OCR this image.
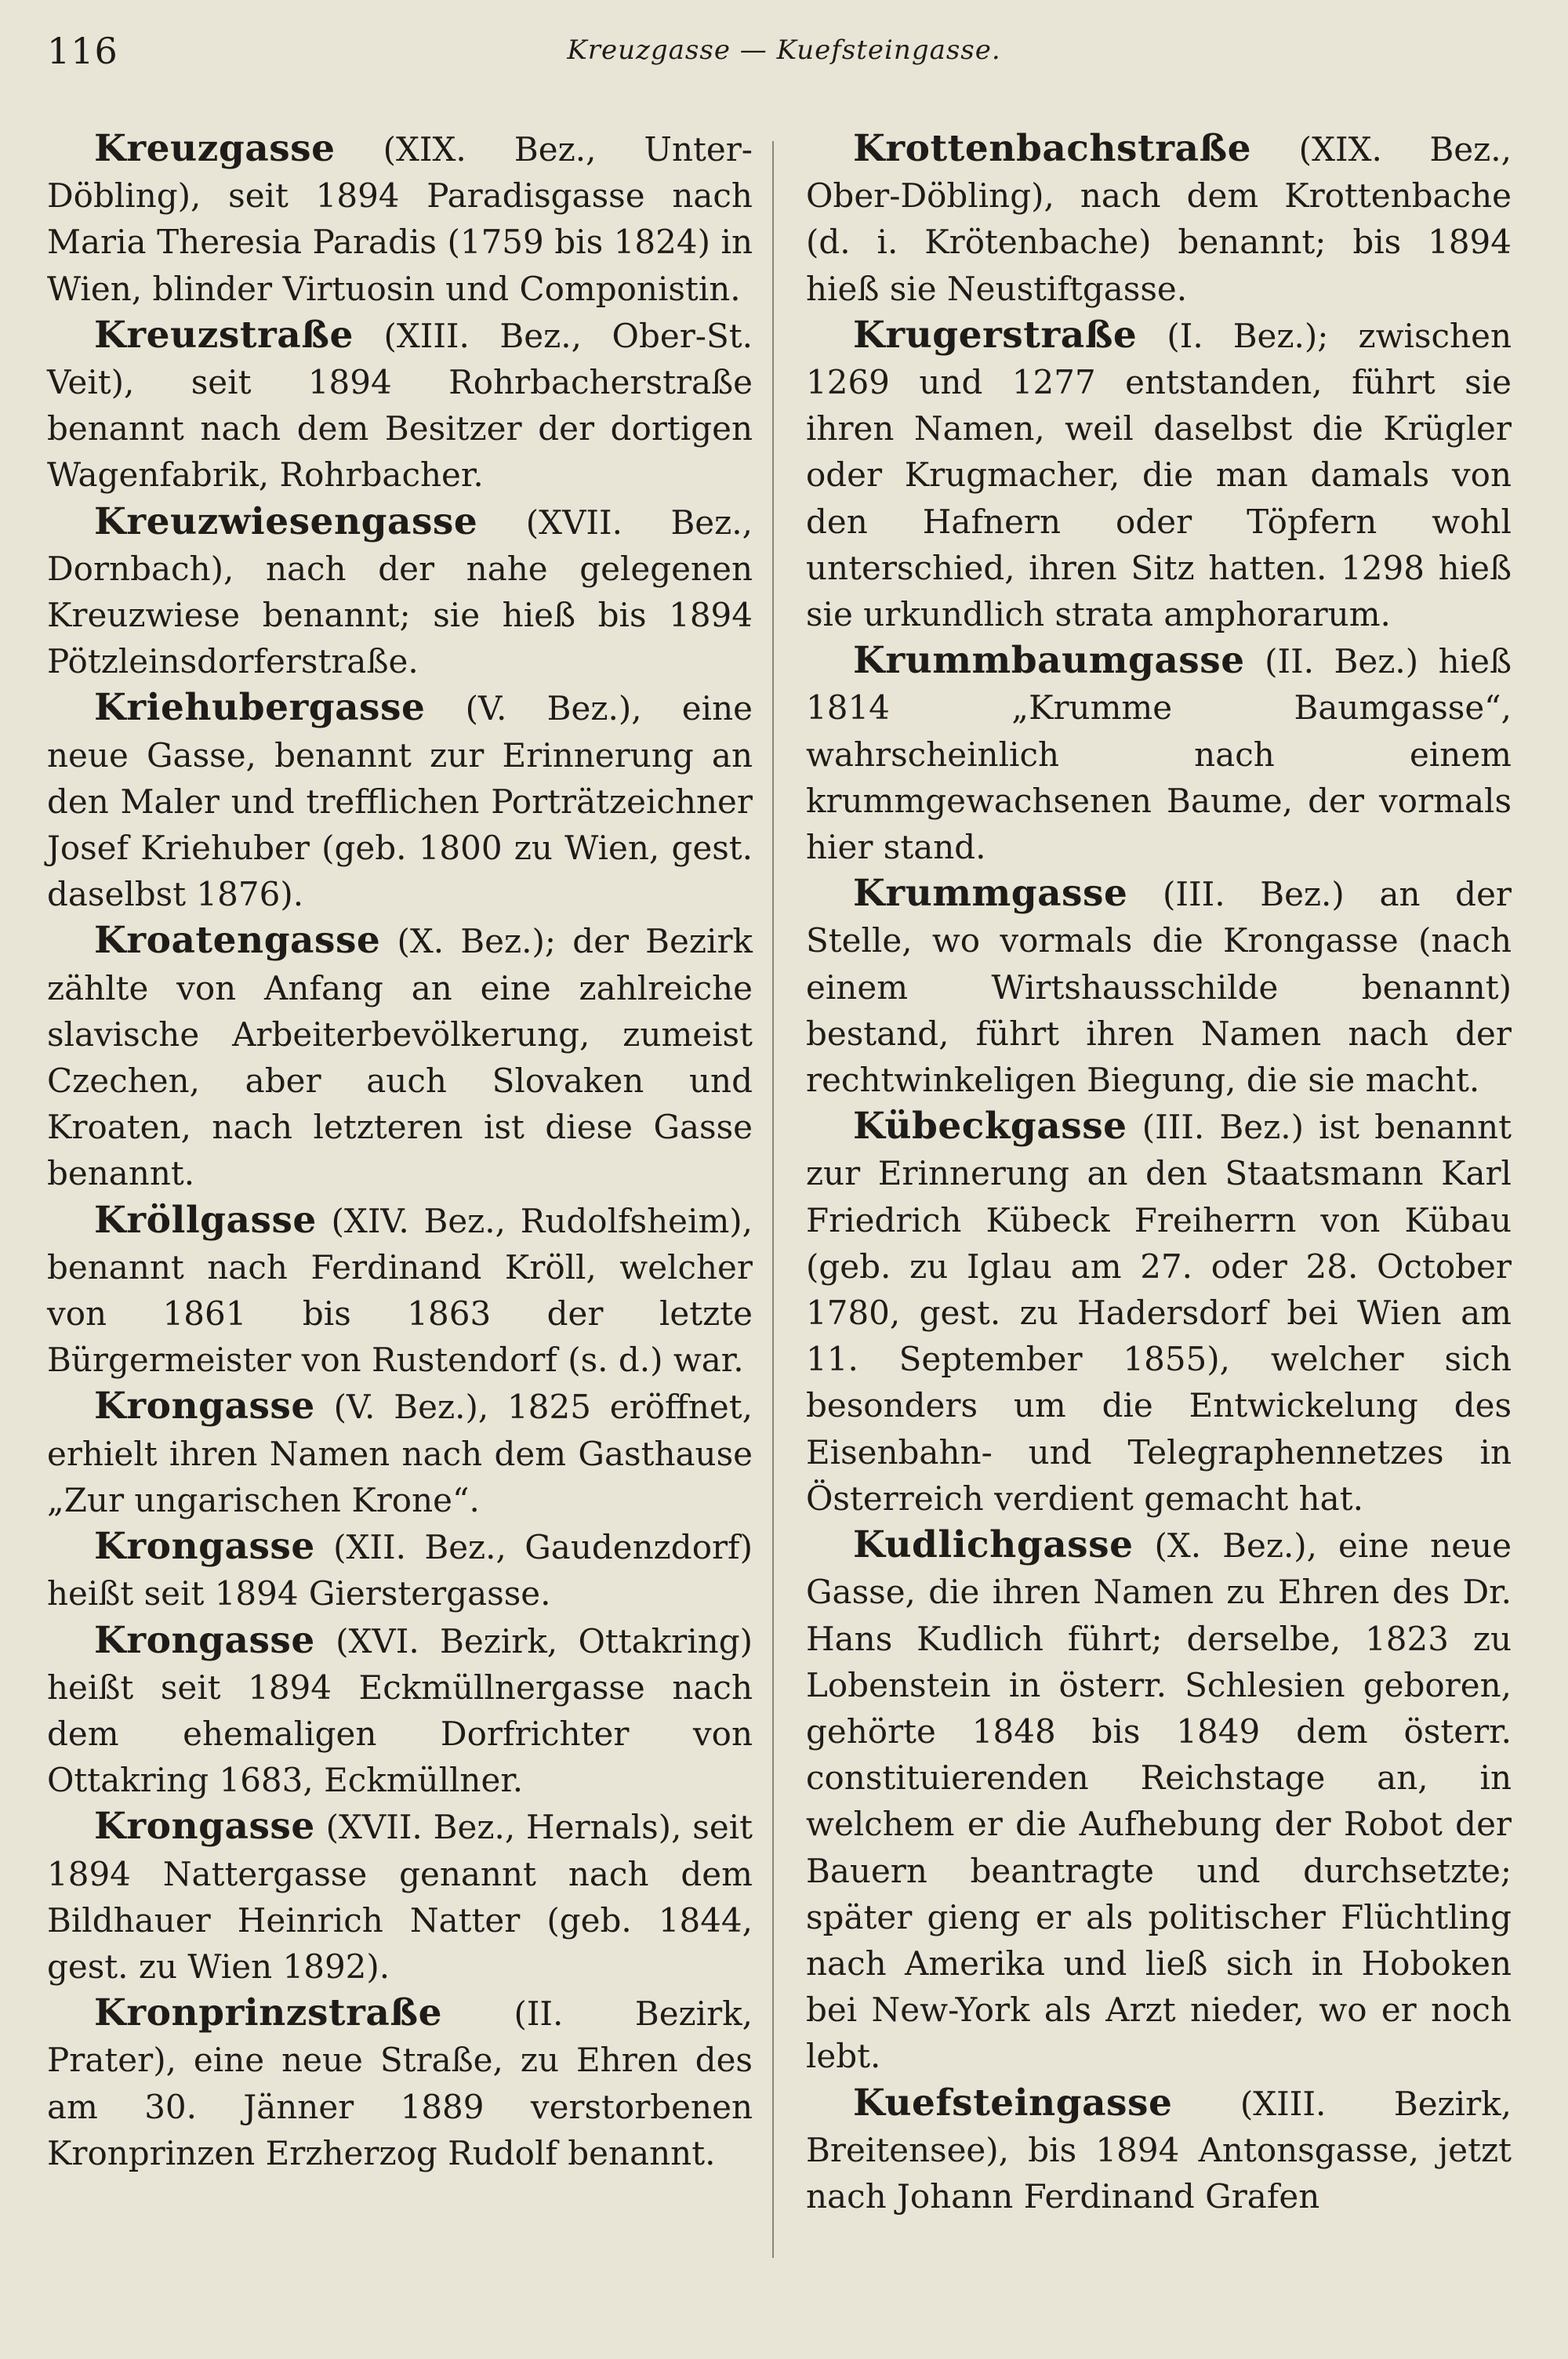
116	Kreuzgasse — Kuefsteingasse.

Kreuzgasse (XIX. Bez., Unter-Döbling), seit 1894 Paradisgasse nach Maria Theresia Paradis (1759 bis 1824) in Wien, blinder Virtuosin und Componistin.

Kreuzstraße (XIII. Bez., Ober-St. Veit), seit 1894 Rohrbacherstraße benannt nach dem Besitzer der dortigen Wagenfabrik, Rohrbacher.

Kreuzwiesengasse (XVII. Bez., Dornbach), nach der nahe gelegenen Kreuzwiese benannt; sie hieß bis 1894 Pötzleinsdorferstraße.

Kriehubergasse (V. Bez.), eine neue Gasse, benannt zur Erinnerung an den Maler und trefflichen Porträtzeichner Josef Kriehuber (geb. 1800 zu Wien, gest. daselbst 1876).

Kroatengasse (X. Bez.); der Bezirk zählte von Anfang an eine zahlreiche slavische Arbeiterbevölkerung, zumeist Czechen, aber auch Slovaken und Kroaten, nach letzteren ist diese Gasse benannt.

Kröllgasse (XIV. Bez., Rudolfsheim), benannt nach Ferdinand Kröll, welcher von 1861 bis 1863 der letzte Bürgermeister von Rustendorf (s. d.) war.

Krongasse (V. Bez.), 1825 eröffnet, erhielt ihren Namen nach dem Gasthause „Zur ungarischen Krone“.

Krongasse (XII. Bez., Gaudenzdorf) heißt seit 1894 Gierstergasse.

Krongasse (XVI. Bezirk, Ottakring) heißt seit 1894 Eckmüllnergasse nach dem ehemaligen Dorfrichter von Ottakring 1683, Eckmüllner.

Krongasse (XVII. Bez., Hernals), seit 1894 Nattergasse genannt nach dem Bildhauer Heinrich Natter (geb. 1844, gest. zu Wien 1892).

Kronprinzstraße (II. Bezirk, Prater), eine neue Straße, zu Ehren des am 30. Jänner 1889 verstorbenen Kronprinzen Erzherzog Rudolf benannt.

Krottenbachstraße (XIX. Bez., Ober-Döbling), nach dem Krottenbache (d. i. Krötenbache) benannt; bis 1894 hieß sie Neustiftgasse.

Krugerstraße (I. Bez.); zwischen 1269 und 1277 entstanden, führt sie ihren Namen, weil daselbst die Krügler oder Krugmacher, die man damals von den Hafnern oder Töpfern wohl unterschied, ihren Sitz hatten. 1298 hieß sie urkundlich strata amphorarum.

Krummbaumgasse (II. Bez.) hieß 1814 „Krumme Baumgasse“, wahrscheinlich nach einem krummgewachsenen Baume, der vormals hier stand.

Krummgasse (III. Bez.) an der Stelle, wo vormals die Krongasse (nach einem Wirtshausschilde benannt) bestand, führt ihren Namen nach der rechtwinkeligen Biegung, die sie macht.

Kübeckgasse (III. Bez.) ist benannt zur Erinnerung an den Staatsmann Karl Friedrich Kübeck Freiherrn von Kübau (geb. zu Iglau am 27. oder 28. October 1780, gest. zu Hadersdorf bei Wien am 11. September 1855), welcher sich besonders um die Entwickelung des Eisenbahn- und Telegraphennetzes in Österreich verdient gemacht hat.

Kudlichgasse (X. Bez.), eine neue Gasse, die ihren Namen zu Ehren des Dr. Hans Kudlich führt; derselbe, 1823 zu Lobenstein in österr. Schlesien geboren, gehörte 1848 bis 1849 dem österr. constituierenden Reichstage an, in welchem er die Aufhebung der Robot der Bauern beantragte und durchsetzte; später gieng er als politischer Flüchtling nach Amerika und ließ sich in Hoboken bei New-York als Arzt nieder, wo er noch lebt.

Kuefsteingasse (XIII. Bezirk, Breitensee), bis 1894 Antonsgasse, jetzt nach Johann Ferdinand Grafen
